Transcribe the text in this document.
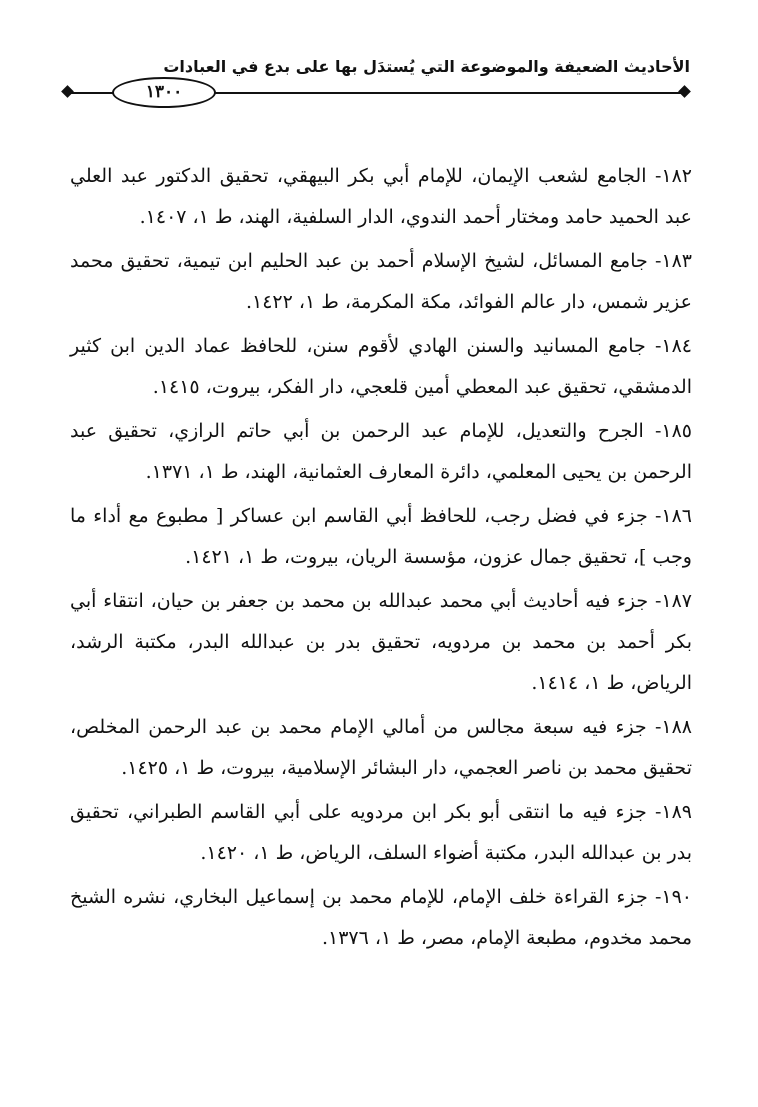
الأحاديث الضعيفة والموضوعة التي يُستدَل بها على بدع في العبادات
١٣٠٠
١٨٢- الجامع لشعب الإيمان، للإمام أبي بكر البيهقي، تحقيق الدكتور عبد العلي عبد الحميد حامد ومختار أحمد الندوي، الدار السلفية، الهند، ط ١، ١٤٠٧.
١٨٣- جامع المسائل، لشيخ الإسلام أحمد بن عبد الحليم ابن تيمية، تحقيق محمد عزير شمس، دار عالم الفوائد، مكة المكرمة، ط ١، ١٤٢٢.
١٨٤- جامع المسانيد والسنن الهادي لأقوم سنن، للحافظ عماد الدين ابن كثير الدمشقي، تحقيق عبد المعطي أمين قلعجي، دار الفكر، بيروت، ١٤١٥.
١٨٥- الجرح والتعديل، للإمام عبد الرحمن بن أبي حاتم الرازي، تحقيق عبد الرحمن بن يحيى المعلمي، دائرة المعارف العثمانية، الهند، ط ١، ١٣٧١.
١٨٦- جزء في فضل رجب، للحافظ أبي القاسم ابن عساكر [ مطبوع مع أداء ما وجب ]، تحقيق جمال عزون، مؤسسة الريان، بيروت، ط ١، ١٤٢١.
١٨٧- جزء فيه أحاديث أبي محمد عبدالله بن محمد بن جعفر بن حيان، انتقاء أبي بكر أحمد بن محمد بن مردويه، تحقيق بدر بن عبدالله البدر، مكتبة الرشد، الرياض، ط ١، ١٤١٤.
١٨٨- جزء فيه سبعة مجالس من أمالي الإمام محمد بن عبد الرحمن المخلص، تحقيق محمد بن ناصر العجمي، دار البشائر الإسلامية، بيروت، ط ١، ١٤٢٥.
١٨٩- جزء فيه ما انتقى أبو بكر ابن مردويه على أبي القاسم الطبراني، تحقيق بدر بن عبدالله البدر، مكتبة أضواء السلف، الرياض، ط ١، ١٤٢٠.
١٩٠- جزء القراءة خلف الإمام، للإمام محمد بن إسماعيل البخاري، نشره الشيخ محمد مخدوم، مطبعة الإمام، مصر، ط ١، ١٣٧٦.
